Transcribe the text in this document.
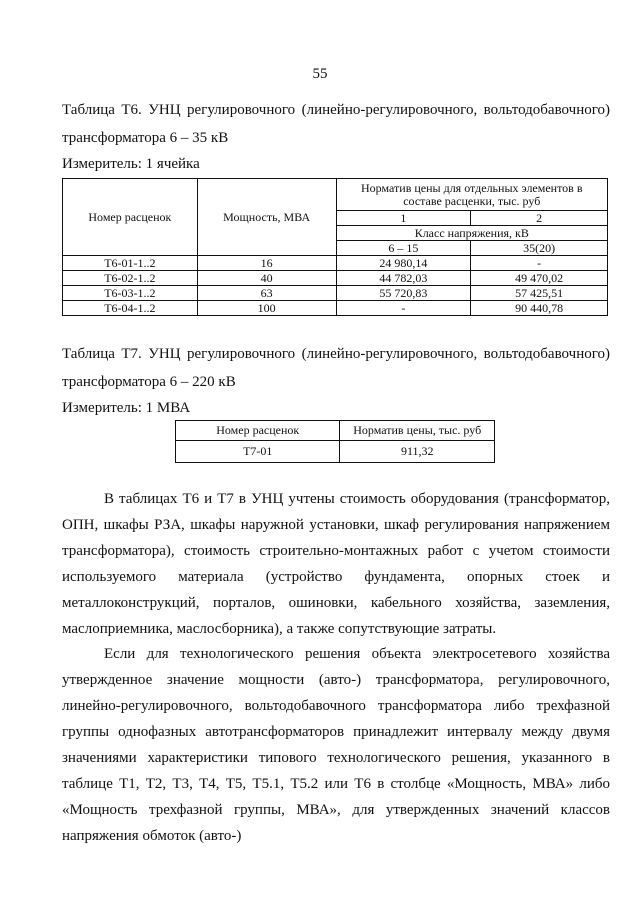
55
Таблица Т6. УНЦ регулировочного (линейно-регулировочного, вольтодобавочного) трансформатора 6 – 35 кВ
Измеритель: 1 ячейка
Номер расценок	Мощность, МВА	Норматив цены для отдельных элементов в составе расценки, тыс. руб	
		1	2
		Класс напряжения, кВ	
		6 – 15	35(20)
Т6-01-1..2	16	24 980,14	-
Т6-02-1..2	40	44 782,03	49 470,02
Т6-03-1..2	63	55 720,83	57 425,51
Т6-04-1..2	100	-	90 440,78
Таблица Т7. УНЦ регулировочного (линейно-регулировочного, вольтодобавочного) трансформатора 6 – 220 кВ
Измеритель: 1 МВА
Номер расценок	Норматив цены, тыс. руб
Т7-01	911,32

В таблицах Т6 и Т7 в УНЦ учтены стоимость оборудования (трансформатор, ОПН, шкафы РЗА, шкафы наружной установки, шкаф регулирования напряжением трансформатора), стоимость строительно-монтажных работ с учетом стоимости используемого материала (устройство фундамента, опорных стоек и металлоконструкций, порталов, ошиновки, кабельного хозяйства, заземления, маслоприемника, маслосборника), а также сопутствующие затраты.

Если для технологического решения объекта электросетевого хозяйства утвержденное значение мощности (авто-) трансформатора, регулировочного, линейно-регулировочного, вольтодобавочного трансформатора либо трехфазной группы однофазных автотрансформаторов принадлежит интервалу между двумя значениями характеристики типового технологического решения, указанного в таблице Т1, Т2, Т3, Т4, Т5, Т5.1, Т5.2 или Т6 в столбце «Мощность, МВА» либо «Мощность трехфазной группы, МВА», для утвержденных значений классов напряжения обмоток (авто-)
